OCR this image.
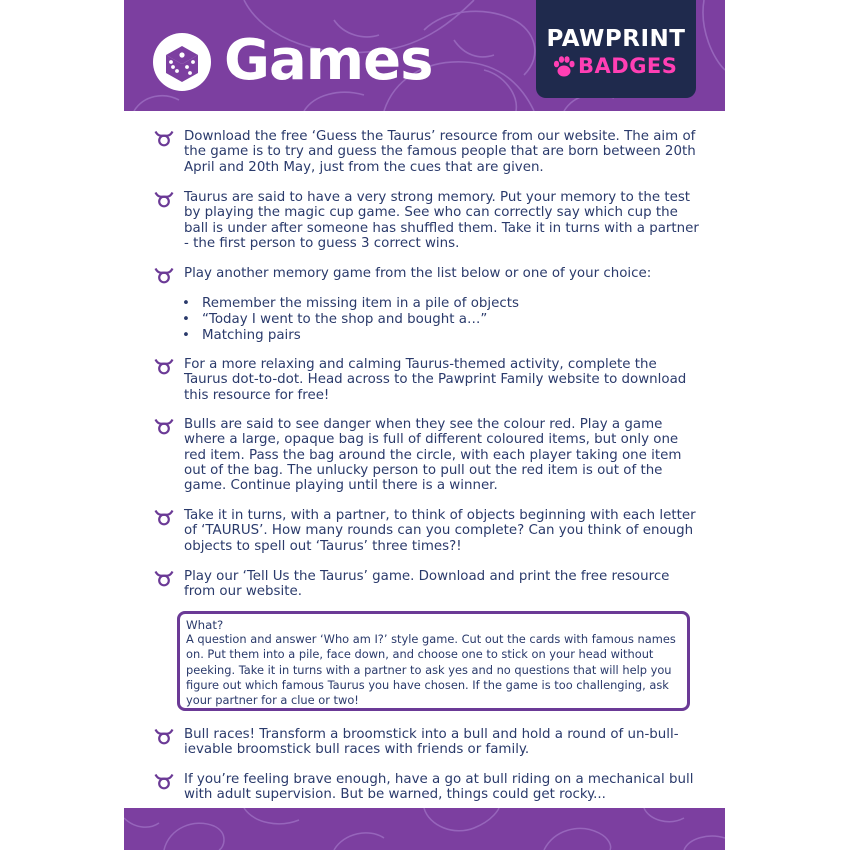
Games	PAWPRINT
BADGES
Download the free ‘Guess the Taurus’ resource from our website. The aim of the game is to try and guess the famous people that are born between 20th April and 20th May, just from the cues that are given.
Taurus are said to have a very strong memory. Put your memory to the test by playing the magic cup game. See who can correctly say which cup the ball is under after someone has shuffled them. Take it in turns with a partner - the first person to guess 3 correct wins.
Play another memory game from the list below or one of your choice:
• Remember the missing item in a pile of objects
• “Today I went to the shop and bought a…”
• Matching pairs
For a more relaxing and calming Taurus-themed activity, complete the Taurus dot-to-dot. Head across to the Pawprint Family website to download this resource for free!
Bulls are said to see danger when they see the colour red. Play a game where a large, opaque bag is full of different coloured items, but only one red item. Pass the bag around the circle, with each player taking one item out of the bag. The unlucky person to pull out the red item is out of the game. Continue playing until there is a winner.
Take it in turns, with a partner, to think of objects beginning with each letter of ‘TAURUS’. How many rounds can you complete? Can you think of enough objects to spell out ‘Taurus’ three times?!
Play our ‘Tell Us the Taurus’ game. Download and print the free resource from our website.
What?
A question and answer ‘Who am I?’ style game. Cut out the cards with famous names on. Put them into a pile, face down, and choose one to stick on your head without peeking. Take it in turns with a partner to ask yes and no questions that will help you figure out which famous Taurus you have chosen. If the game is too challenging, ask your partner for a clue or two!
Bull races! Transform a broomstick into a bull and hold a round of un-bull-ievable broomstick bull races with friends or family.
If you’re feeling brave enough, have a go at bull riding on a mechanical bull with adult supervision. But be warned, things could get rocky...
